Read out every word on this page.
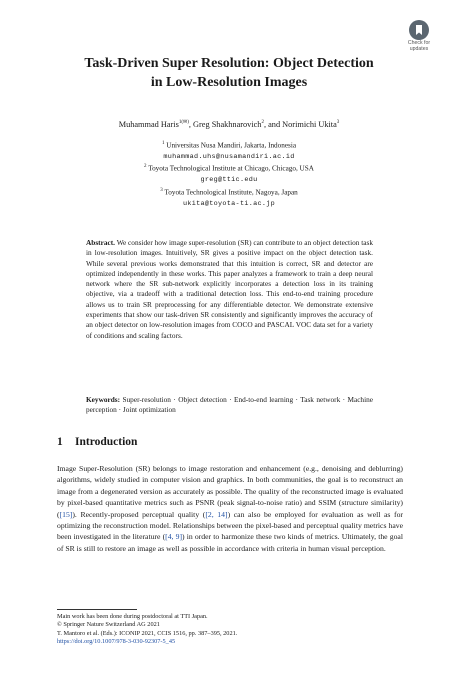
Check for
updates
Task-Driven Super Resolution: Object Detection
in Low-Resolution Images
Muhammad Haris$^{1(✉)}$, Greg Shakhnarovich$^2$, and Norimichi Ukita$^3$
$^1$ Universitas Nusa Mandiri, Jakarta, Indonesia
muhammad.uhs@nusamandiri.ac.id
$^2$ Toyota Technological Institute at Chicago, Chicago, USA
greg@ttic.edu
$^3$ Toyota Technological Institute, Nagoya, Japan
ukita@toyota-ti.ac.jp
Abstract. We consider how image super-resolution (SR) can contribute to an object detection task in low-resolution images. Intuitively, SR gives a positive impact on the object detection task. While several previous works demonstrated that this intuition is correct, SR and detector are optimized independently in these works. This paper analyzes a framework to train a deep neural network where the SR sub-network explicitly incorporates a detection loss in its training objective, via a tradeoff with a traditional detection loss. This end-to-end training procedure allows us to train SR preprocessing for any differentiable detector. We demonstrate extensive experiments that show our task-driven SR consistently and significantly improves the accuracy of an object detector on low-resolution images from COCO and PASCAL VOC data set for a variety of conditions and scaling factors.
Keywords: Super-resolution · Object detection · End-to-end learning · Task network · Machine perception · Joint optimization
1 Introduction
Image Super-Resolution (SR) belongs to image restoration and enhancement (e.g., denoising and deblurring) algorithms, widely studied in computer vision and graphics. In both communities, the goal is to reconstruct an image from a degenerated version as accurately as possible. The quality of the reconstructed image is evaluated by pixel-based quantitative metrics such as PSNR (peak signal-to-noise ratio) and SSIM (structure similarity) ([15]). Recently-proposed perceptual quality ([2, 14]) can also be employed for evaluation as well as for optimizing the reconstruction model. Relationships between the pixel-based and perceptual quality metrics have been investigated in the literature ([4, 9]) in order to harmonize these two kinds of metrics. Ultimately, the goal of SR is still to restore an image as well as possible in accordance with criteria in human visual perception.
Main work has been done during postdoctoral at TTI Japan.
© Springer Nature Switzerland AG 2021
T. Mantoro et al. (Eds.): ICONIP 2021, CCIS 1516, pp. 387–395, 2021.
https://doi.org/10.1007/978-3-030-92307-5_45
